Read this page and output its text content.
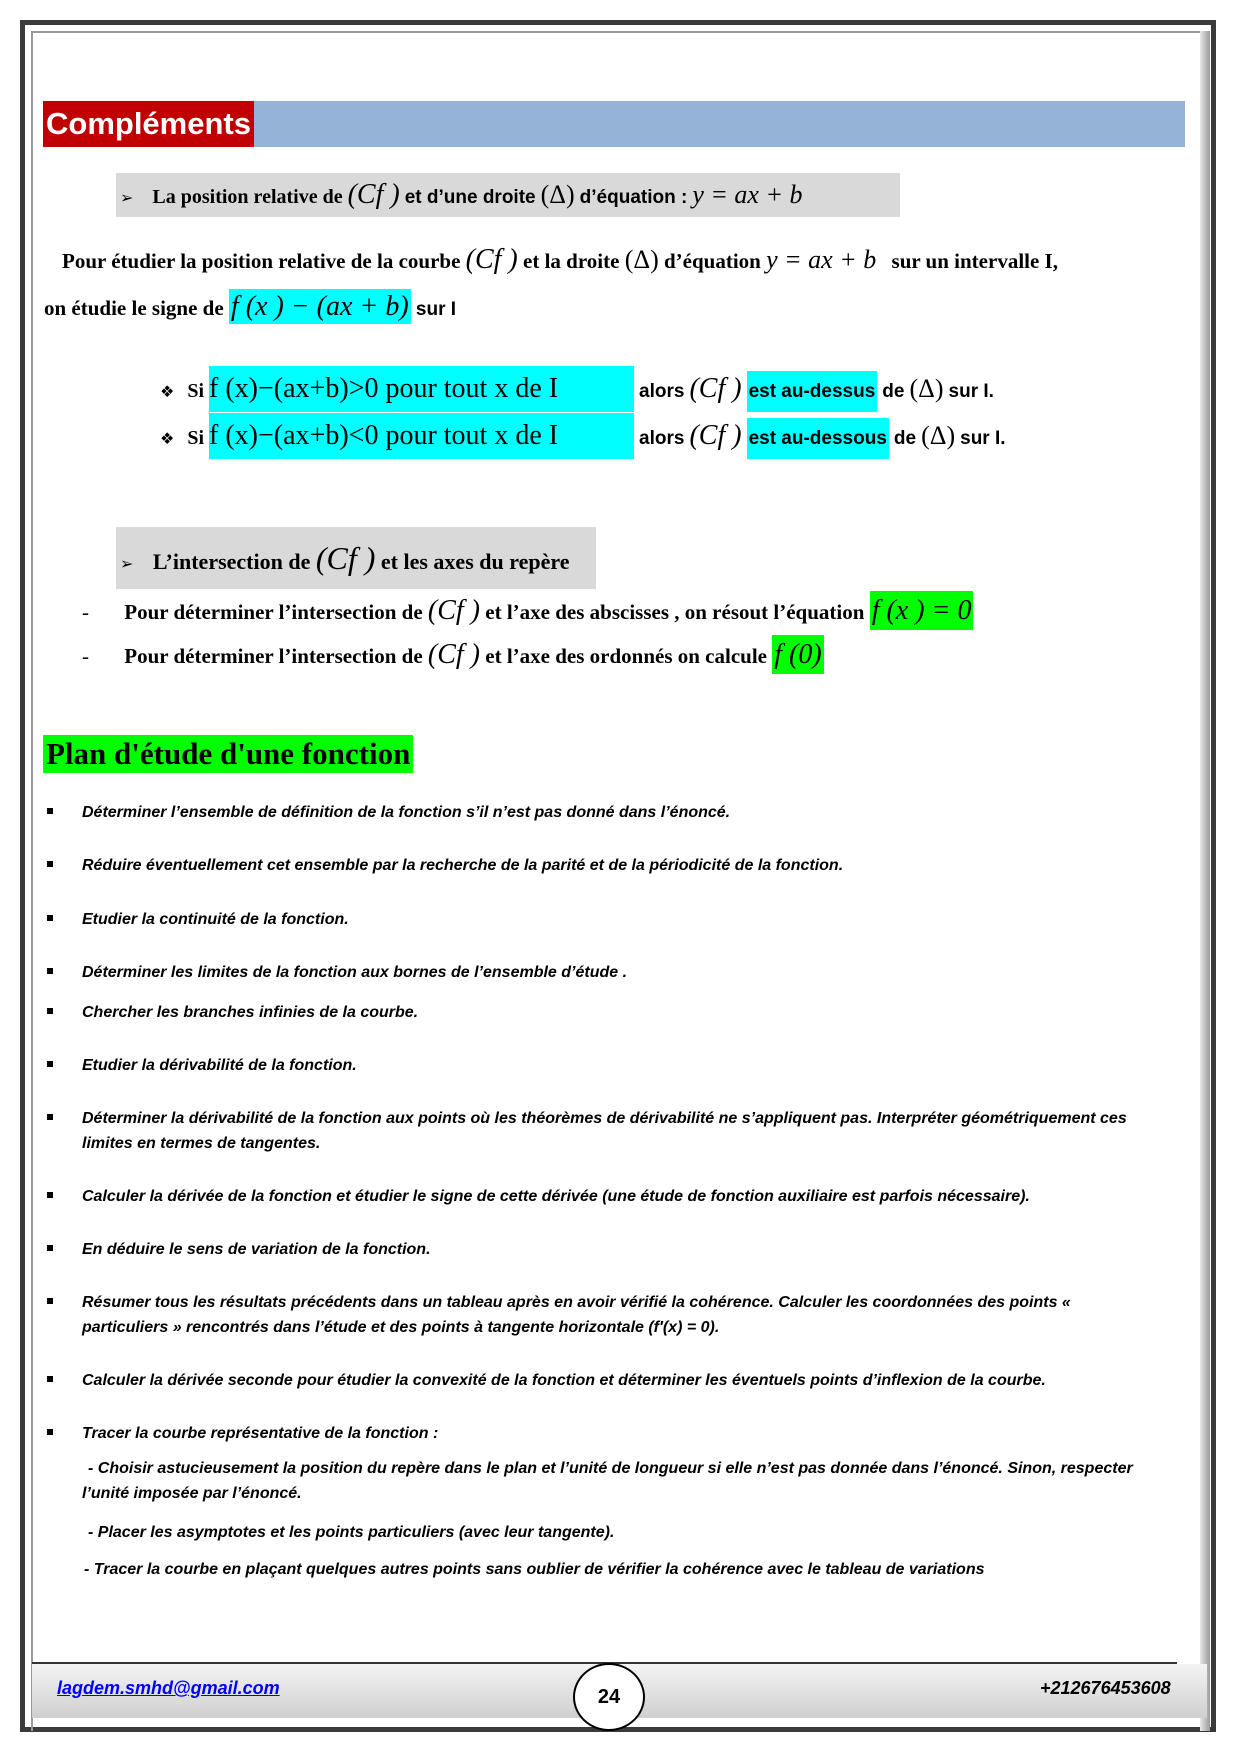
Compléments
➢ La position relative de (Cf ) et d’une droite (Δ) d’équation : y = ax + b
Pour étudier la position relative de la courbe (Cf ) et la droite (Δ) d’équation y = ax + b sur un intervalle I,
on étudie le signe de f (x ) − (ax + b) sur I
❖ Si f (x)−(ax+b)>0 pour tout x de I	alors (Cf ) est au-dessus de (Δ) sur I.
❖ Si f (x)−(ax+b)<0 pour tout x de I	alors (Cf ) est au-dessous de (Δ) sur I.
➢ L’intersection de (Cf ) et les axes du repère
- Pour déterminer l’intersection de (Cf ) et l’axe des abscisses , on résout l’équation f (x ) = 0
- Pour déterminer l’intersection de (Cf ) et l’axe des ordonnés on calcule f (0)
Plan d'étude d'une fonction
Déterminer l’ensemble de définition de la fonction s’il n’est pas donné dans l’énoncé.
Réduire éventuellement cet ensemble par la recherche de la parité et de la périodicité de la fonction.
Etudier la continuité de la fonction.
Déterminer les limites de la fonction aux bornes de l’ensemble d’étude .
Chercher les branches infinies de la courbe.
Etudier la dérivabilité de la fonction.
Déterminer la dérivabilité de la fonction aux points où les théorèmes de dérivabilité ne s’appliquent pas. Interpréter géométriquement ces limites en termes de tangentes.
Calculer la dérivée de la fonction et étudier le signe de cette dérivée (une étude de fonction auxiliaire est parfois nécessaire).
En déduire le sens de variation de la fonction.
Résumer tous les résultats précédents dans un tableau après en avoir vérifié la cohérence. Calculer les coordonnées des points « particuliers » rencontrés dans l’étude et des points à tangente horizontale (f′(x) = 0).
Calculer la dérivée seconde pour étudier la convexité de la fonction et déterminer les éventuels points d’inflexion de la courbe.
Tracer la courbe représentative de la fonction :
- Choisir astucieusement la position du repère dans le plan et l’unité de longueur si elle n’est pas donnée dans l’énoncé. Sinon, respecter l’unité imposée par l’énoncé.
- Placer les asymptotes et les points particuliers (avec leur tangente).
- Tracer la courbe en plaçant quelques autres points sans oublier de vérifier la cohérence avec le tableau de variations
lagdem.smhd@gmail.com	24	+212676453608
